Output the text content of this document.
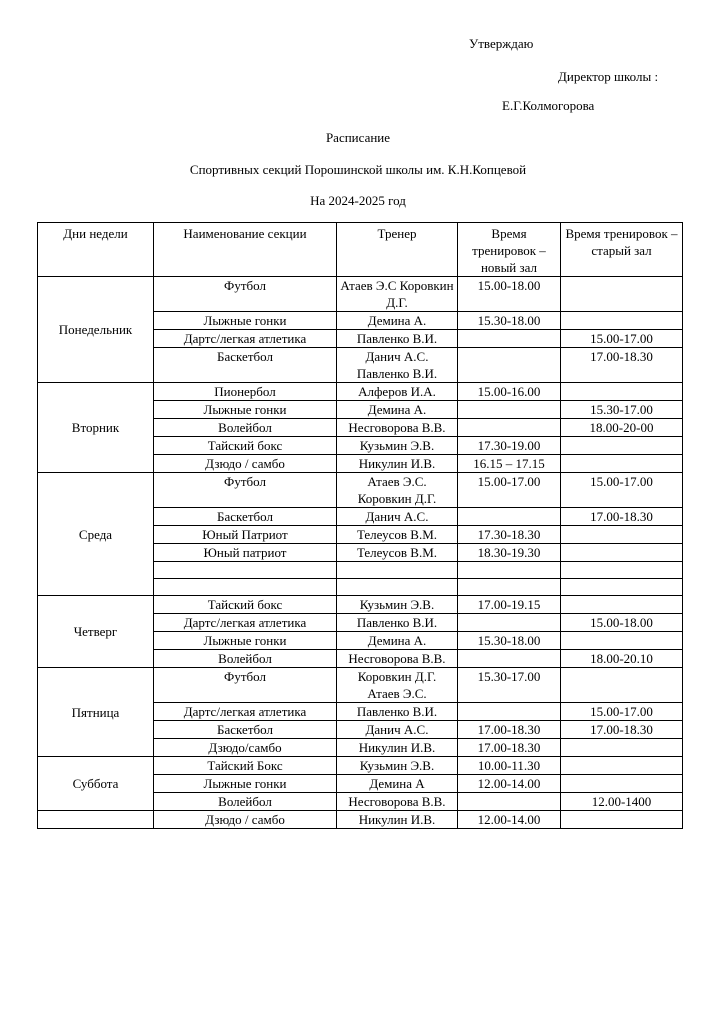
Утверждаю
Директор школы :
Е.Г.Колмогорова
Расписание
Спортивных секций Порошинской школы им. К.Н.Копцевой
На 2024-2025 год
Дни недели	Наименование секции	Тренер	Время тренировок – новый зал	Время тренировок – старый зал
Понедельник	Футбол	Атаев Э.С Коровкин Д.Г.	15.00-18.00	
	Лыжные гонки	Демина А.	15.30-18.00	
	Дартс/легкая атлетика	Павленко В.И.		15.00-17.00
	Баскетбол	Данич А.С. Павленко В.И.		17.00-18.30
Вторник	Пионербол	Алферов И.А.	15.00-16.00	
	Лыжные гонки	Демина А.		15.30-17.00
	Волейбол	Несговорова В.В.		18.00-20-00
	Тайский бокс	Кузьмин Э.В.	17.30-19.00	
	Дзюдо / самбо	Никулин И.В.	16.15 – 17.15	
Среда	Футбол	Атаев Э.С. Коровкин Д.Г.	15.00-17.00	15.00-17.00
	Баскетбол	Данич А.С.		17.00-18.30
	Юный Патриот	Телеусов В.М.	17.30-18.30	
	Юный патриот	Телеусов В.М.	18.30-19.30	

Четверг	Тайский бокс	Кузьмин Э.В.	17.00-19.15	
	Дартс/легкая атлетика	Павленко В.И.		15.00-18.00
	Лыжные гонки	Демина А.	15.30-18.00	
	Волейбол	Несговорова В.В.		18.00-20.10
Пятница	Футбол	Коровкин Д.Г. Атаев Э.С.	15.30-17.00	
	Дартс/легкая атлетика	Павленко В.И.		15.00-17.00
	Баскетбол	Данич А.С.	17.00-18.30	17.00-18.30
	Дзюдо/самбо	Никулин И.В.	17.00-18.30	
Суббота	Тайский Бокс	Кузьмин Э.В.	10.00-11.30	
	Лыжные гонки	Демина А	12.00-14.00	
	Волейбол	Несговорова В.В.		12.00-1400
	Дзюдо / самбо	Никулин И.В.	12.00-14.00	
